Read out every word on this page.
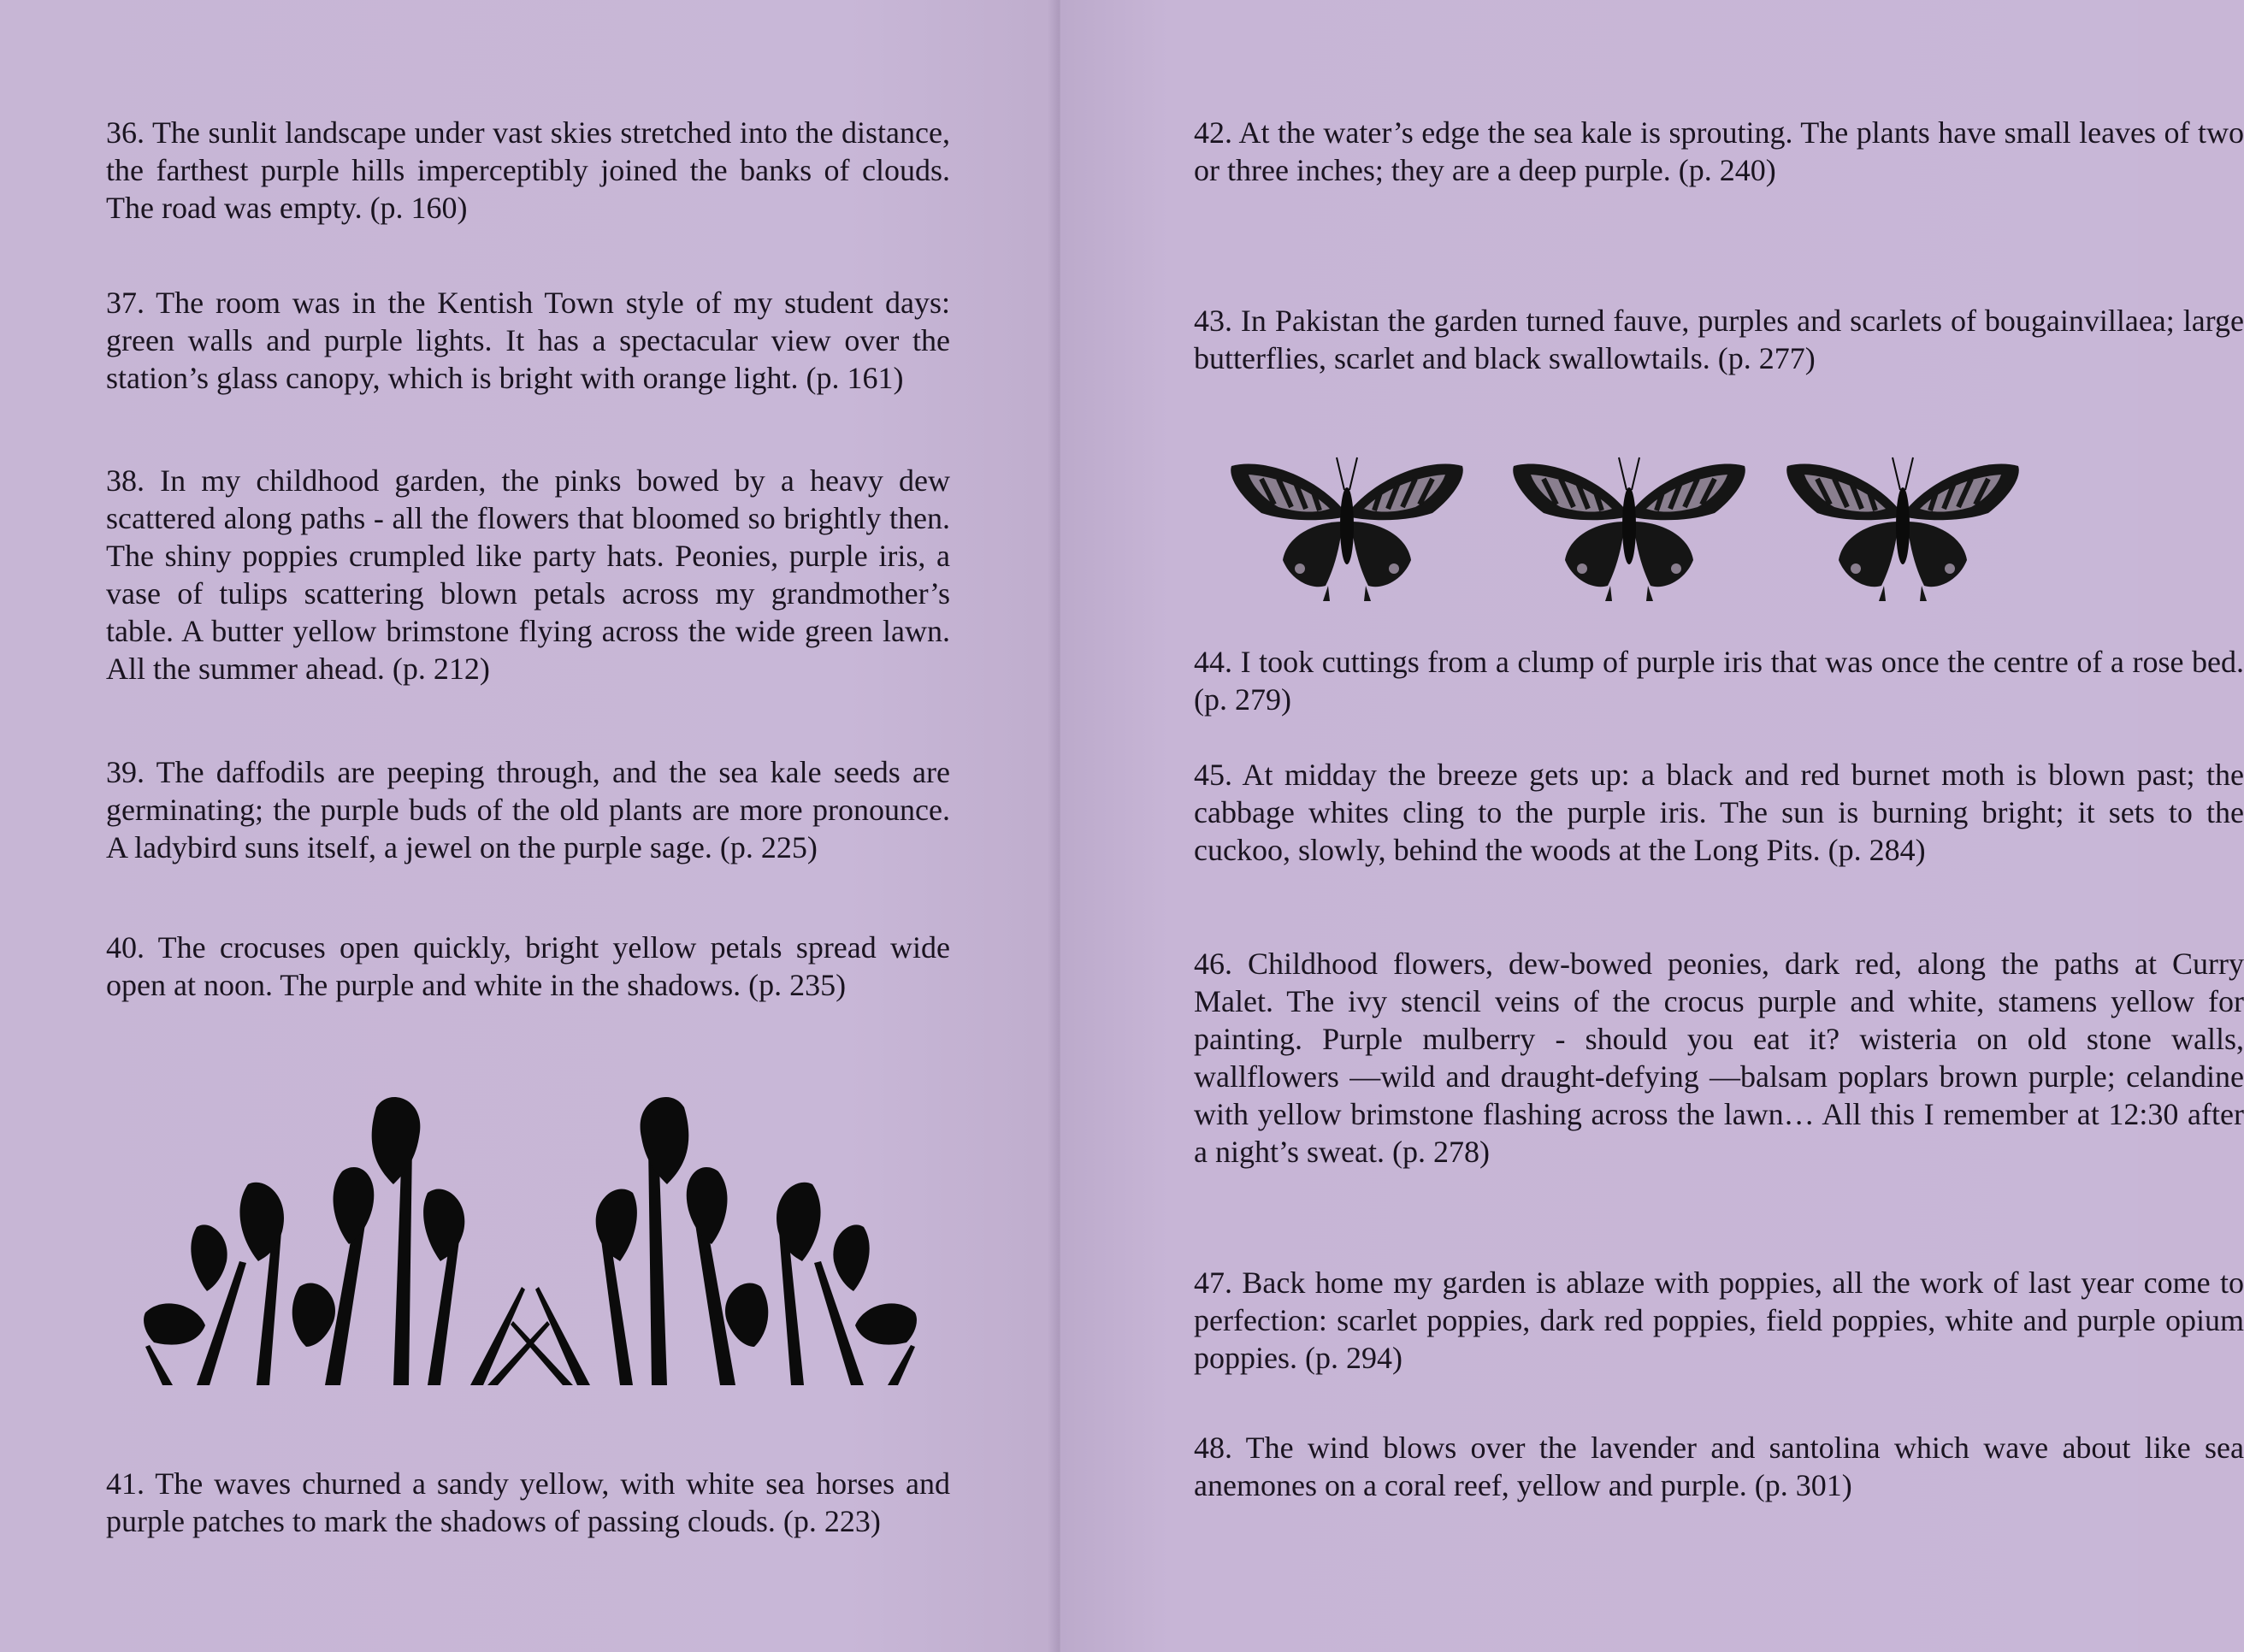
36. The sunlit landscape under vast skies stretched into the distance, the farthest purple hills imperceptibly joined the banks of clouds. The road was empty. (p. 160)

37. The room was in the Kentish Town style of my student days: green walls and purple lights. It has a spectacular view over the station’s glass canopy, which is bright with orange light. (p. 161)

38. In my childhood garden, the pinks bowed by a heavy dew scattered along paths - all the flowers that bloomed so brightly then. The shiny poppies crumpled like party hats. Peonies, purple iris, a vase of tulips scattering blown petals across my grandmother’s table. A butter yellow brimstone flying across the wide green lawn. All the summer ahead. (p. 212)

39. The daffodils are peeping through, and the sea kale seeds are germinating; the purple buds of the old plants are more pronounce. A ladybird suns itself, a jewel on the purple sage. (p. 225)

40. The crocuses open quickly, bright yellow petals spread wide open at noon. The purple and white in the shadows. (p. 235)

41. The waves churned a sandy yellow, with white sea horses and purple patches to mark the shadows of passing clouds. (p. 223)

42. At the water’s edge the sea kale is sprouting. The plants have small leaves of two or three inches; they are a deep purple. (p. 240)

43. In Pakistan the garden turned fauve, purples and scarlets of bougainvillaea; large butterflies, scarlet and black swallowtails. (p. 277)

44. I took cuttings from a clump of purple iris that was once the centre of a rose bed. (p. 279)

45. At midday the breeze gets up: a black and red burnet moth is blown past; the cabbage whites cling to the purple iris. The sun is burning bright; it sets to the cuckoo, slowly, behind the woods at the Long Pits. (p. 284)

46. Childhood flowers, dew-bowed peonies, dark red, along the paths at Curry Malet. The ivy stencil veins of the crocus purple and white, stamens yellow for painting. Purple mulberry - should you eat it? wisteria on old stone walls, wallflowers —wild and draught-defying —balsam poplars brown purple; celandine with yellow brimstone flashing across the lawn… All this I remember at 12:30 after a night’s sweat. (p. 278)

47. Back home my garden is ablaze with poppies, all the work of last year come to perfection: scarlet poppies, dark red poppies, field poppies, white and purple opium poppies. (p. 294)

48. The wind blows over the lavender and santolina which wave about like sea anemones on a coral reef, yellow and purple. (p. 301)
